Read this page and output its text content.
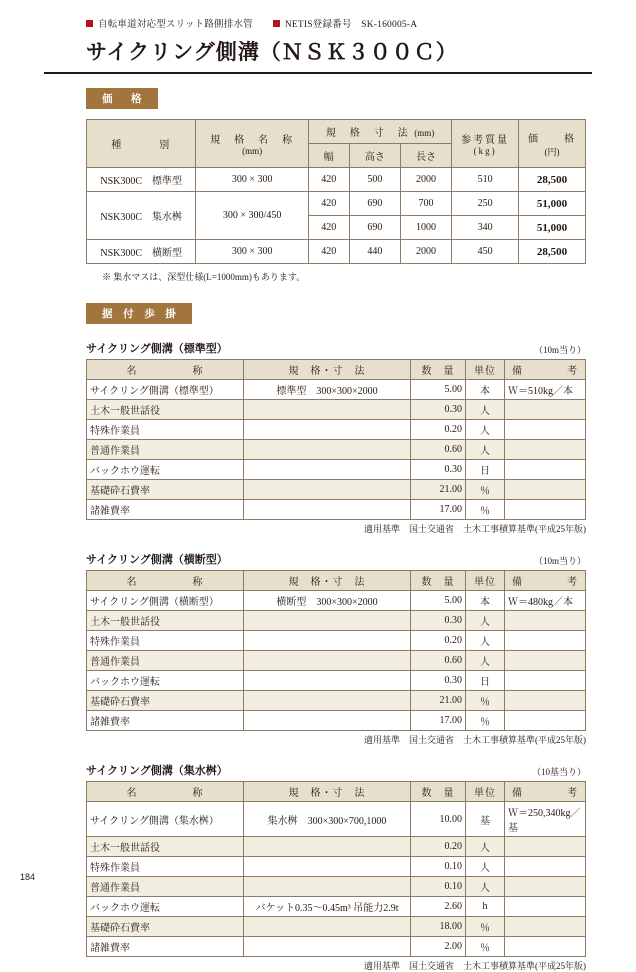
自転車道対応型スリット路側排水管	NETIS登録番号　SK-160005-A
サイクリング側溝（ＮＳＫ３００Ｃ）
価　格
種　　　別	規　格　名　称
(mm)
	規　格　寸　法 (mm)	
参考質量
(kg)

価　　格
(円)

		幅	高さ	長さ		
NSK300C　標準型	300 × 300	420	500	2000	510	28,500
NSK300C　集水桝	300 × 300/450	420	690	700	250	51,000
		420	690	1000	340	51,000
NSK300C　横断型	300 × 300	420	440	2000	450	28,500
※ 集水マスは、深型仕様(L=1000mm)もあります。
据 付 歩 掛
サイクリング側溝（標準型）	（10m当り）
名　　　　　称	規　格・寸　法	数　量	単位	備　　　　考
サイクリング側溝（標準型）	標準型　300×300×2000	5.00	本	Ｗ＝510kg／本
土木一般世話役		0.30	人	
特殊作業員		0.20	人	
普通作業員		0.60	人	
バックホウ運転		0.30	日	
基礎砕石費率		21.00	％	
諸雑費率		17.00	％	
適用基準　国土交通省　土木工事積算基準(平成25年版)
サイクリング側溝（横断型）	（10m当り）
名　　　　　称	規　格・寸　法	数　量	単位	備　　　　考
サイクリング側溝（横断型）	横断型　300×300×2000	5.00	本	Ｗ＝480kg／本
土木一般世話役		0.30	人	
特殊作業員		0.20	人	
普通作業員		0.60	人	
バックホウ運転		0.30	日	
基礎砕石費率		21.00	％	
諸雑費率		17.00	％	
適用基準　国土交通省　土木工事積算基準(平成25年版)
サイクリング側溝（集水桝）	（10基当り）
名　　　　　称	規　格・寸　法	数　量	単位	備　　　　考
サイクリング側溝（集水桝）	集水桝　300×300×700,1000	10.00	基	Ｗ＝250,340kg／基
土木一般世話役		0.20	人	
特殊作業員		0.10	人	
普通作業員		0.10	人	
バックホウ運転	バケット0.35～0.45m³ 吊能力2.9t	2.60	h	
基礎砕石費率		18.00	％	
諸雑費率		2.00	％	
適用基準　国土交通省　土木工事積算基準(平成25年版)
184
